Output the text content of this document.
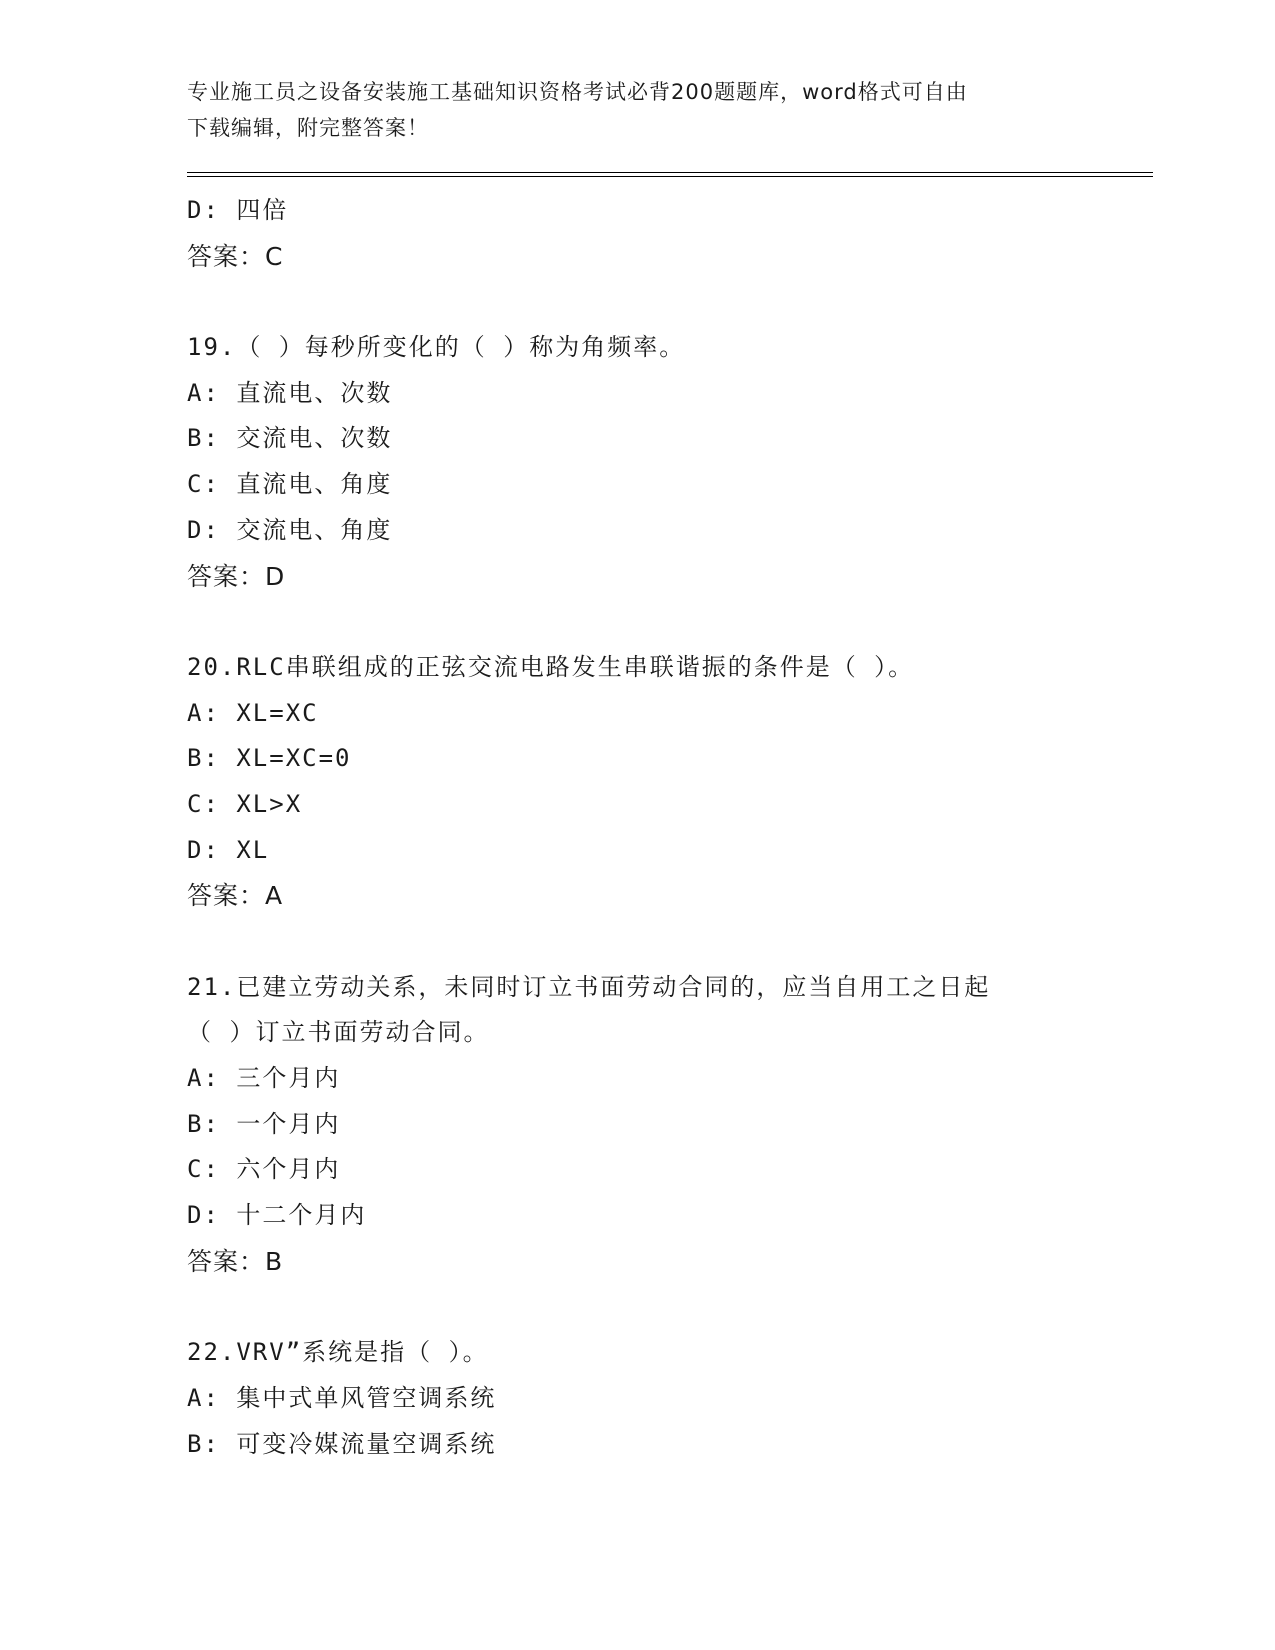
专业施工员之设备安装施工基础知识资格考试必背200题题库，word格式可自由
下载编辑，附完整答案！
D: 四倍
答案：C
19.（ ）每秒所变化的（ ）称为角频率。
A: 直流电、次数
B: 交流电、次数
C: 直流电、角度
D: 交流电、角度
答案：D
20.RLC串联组成的正弦交流电路发生串联谐振的条件是（ ）。
A: XL=XC
B: XL=XC=0
C: XL>X
D: XL
答案：A
21.已建立劳动关系，未同时订立书面劳动合同的，应当自用工之日起
（ ）订立书面劳动合同。
A: 三个月内
B: 一个月内
C: 六个月内
D: 十二个月内
答案：B
22.VRV”系统是指（ ）。
A: 集中式单风管空调系统
B: 可变冷媒流量空调系统
